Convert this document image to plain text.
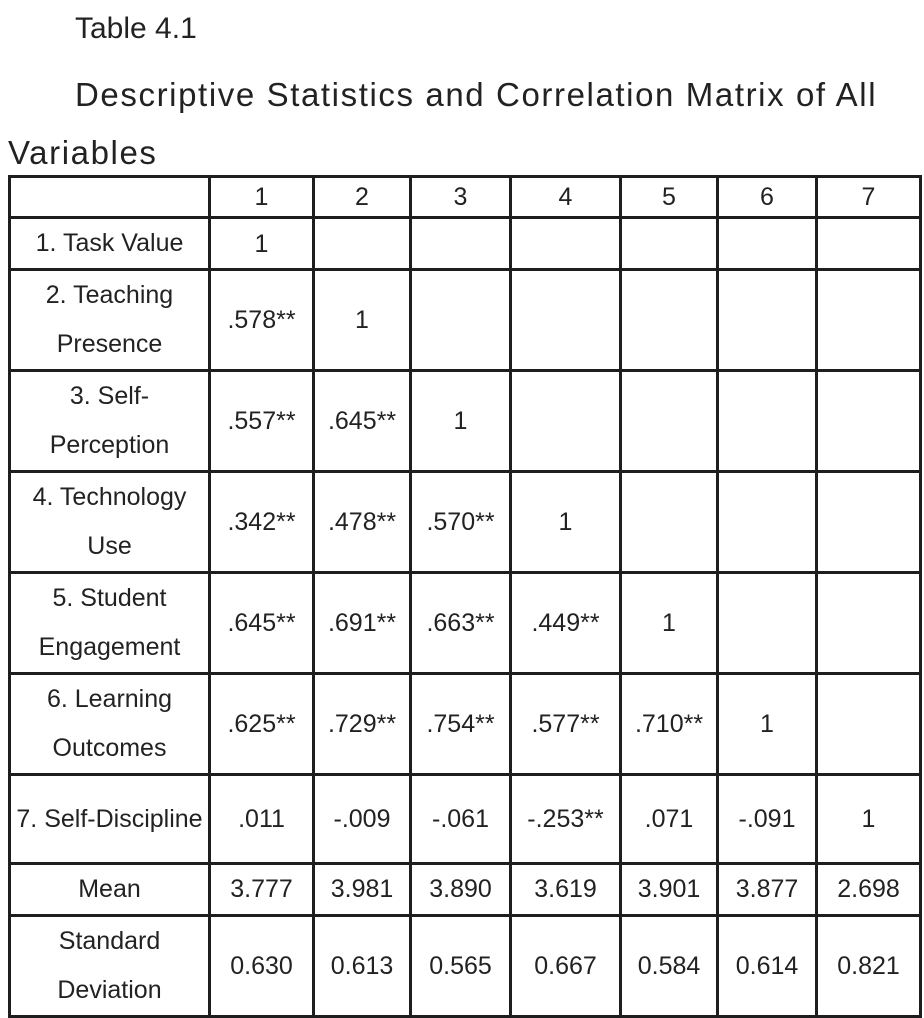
Table 4.1
Descriptive Statistics and Correlation Matrix of All Variables
	1	2	3	4	5	6	7
1. Task Value	1						
2. Teaching Presence	.578**	1					
3. Self-Perception	.557**	.645**	1				
4. Technology Use	.342**	.478**	.570**	1			
5. Student Engagement	.645**	.691**	.663**	.449**	1		
6. Learning Outcomes	.625**	.729**	.754**	.577**	.710**	1	
7. Self-Discipline	.011	-.009	-.061	-.253**	.071	-.091	1
Mean	3.777	3.981	3.890	3.619	3.901	3.877	2.698
Standard Deviation	0.630	0.613	0.565	0.667	0.584	0.614	0.821
